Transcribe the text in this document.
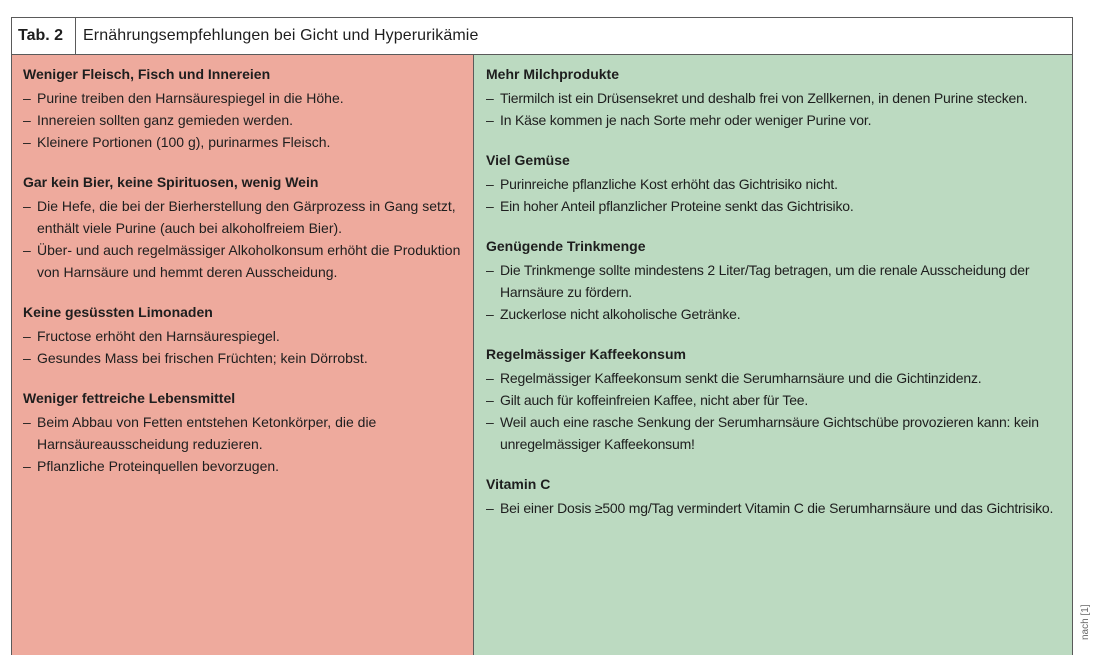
Tab. 2	Ernährungsempfehlungen bei Gicht und Hyperurikämie
Weniger Fleisch, Fisch und Innereien

– Purine treiben den Harnsäurespiegel in die Höhe.

– Innereien sollten ganz gemieden werden.

– Kleinere Portionen (100 g), purinarmes Fleisch.

Gar kein Bier, keine Spirituosen, wenig Wein

– Die Hefe, die bei der Bierherstellung den Gärprozess in Gang setzt, enthält viele Purine (auch bei alkoholfreiem Bier).

– Über- und auch regelmässiger Alkoholkonsum erhöht die Produktion von Harnsäure und hemmt deren Ausscheidung.

Keine gesüssten Limonaden

– Fructose erhöht den Harnsäurespiegel.

– Gesundes Mass bei frischen Früchten; kein Dörrobst.

Weniger fettreiche Lebensmittel

– Beim Abbau von Fetten entstehen Ketonkörper, die die Harnsäureausscheidung reduzieren.

– Pflanzliche Proteinquellen bevorzugen.

Mehr Milchprodukte

– Tiermilch ist ein Drüsensekret und deshalb frei von Zellkernen, in denen Purine stecken.

– In Käse kommen je nach Sorte mehr oder weniger Purine vor.

Viel Gemüse

– Purinreiche pflanzliche Kost erhöht das Gichtrisiko nicht.

– Ein hoher Anteil pflanzlicher Proteine senkt das Gichtrisiko.

Genügende Trinkmenge

– Die Trinkmenge sollte mindestens 2 Liter/Tag betragen, um die renale Ausscheidung der Harnsäure zu fördern.

– Zuckerlose nicht alkoholische Getränke.

Regelmässiger Kaffeekonsum

– Regelmässiger Kaffeekonsum senkt die Serumharnsäure und die Gichtinzidenz.

– Gilt auch für koffeinfreien Kaffee, nicht aber für Tee.

– Weil auch eine rasche Senkung der Serumharnsäure Gichtschübe provozieren kann: kein unregelmässiger Kaffeekonsum!

Vitamin C

– Bei einer Dosis ≥500 mg/Tag vermindert Vitamin C die Serumharnsäure und das Gichtrisiko.

nach [1]
